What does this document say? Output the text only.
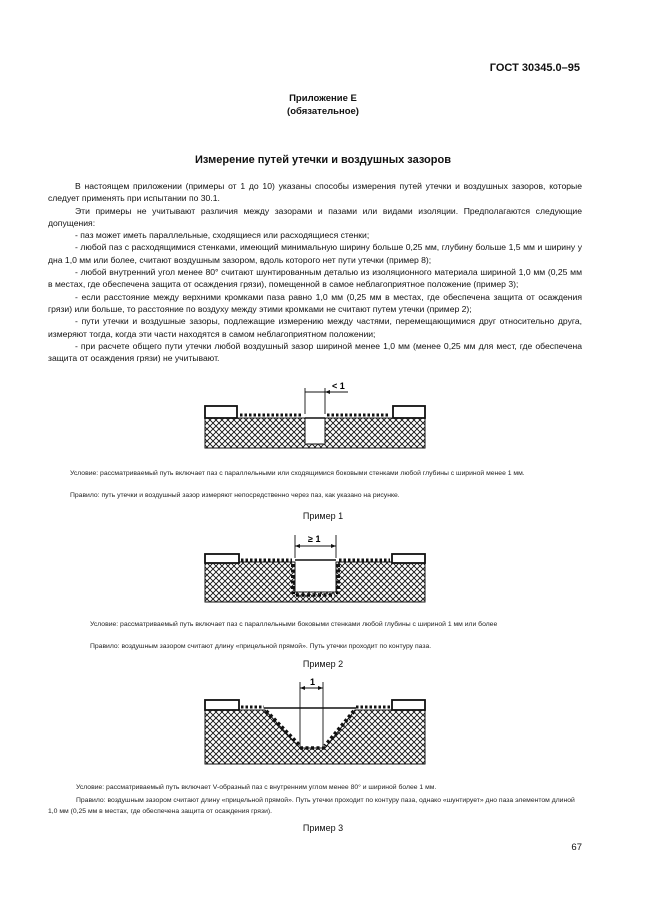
ГОСТ 30345.0–95
Приложение Е
(обязательное)
Измерение путей утечки и воздушных зазоров

В настоящем приложении (примеры от 1 до 10) указаны способы измерения путей утечки и воздушных зазоров, которые следует применять при испытании по 30.1.

Эти примеры не учитывают различия между зазорами и пазами или видами изоляции. Предполагаются следующие допущения:

- паз может иметь параллельные, сходящиеся или расходящиеся стенки;

- любой паз с расходящимися стенками, имеющий минимальную ширину больше 0,25 мм, глубину больше 1,5 мм и ширину у дна 1,0 мм или более, считают воздушным зазором, вдоль которого нет пути утечки (пример 8);

- любой внутренний угол менее 80° считают шунтированным деталью из изоляционного материала шириной 1,0 мм (0,25 мм в местах, где обеспечена защита от осаждения грязи), помещенной в самое неблагоприятное положение (пример 3);

- если расстояние между верхними кромками паза равно 1,0 мм (0,25 мм в местах, где обеспечена защита от осаждения грязи) или больше, то расстояние по воздуху между этими кромками не считают путем утечки (пример 2);

- пути утечки и воздушные зазоры, подлежащие измерению между частями, перемещающимися друг относительно друга, измеряют тогда, когда эти части находятся в самом неблагоприятном положении;

- при расчете общего пути утечки любой воздушный зазор шириной менее 1,0 мм (менее 0,25 мм для мест, где обеспечена защита от осаждения грязи) не учитывают.

< 1
Условие: рассматриваемый путь включает паз с параллельными или сходящимися боковыми стенками любой глубины с шириной менее 1 мм.
Правило: путь утечки и воздушный зазор измеряют непосредственно через паз, как указано на рисунке.
Пример 1
≥ 1
Условие: рассматриваемый путь включает паз с параллельными боковыми стенками любой глубины с шириной 1 мм или более
Правило: воздушным зазором считают длину «прицельной прямой». Путь утечки проходит по контуру паза.
Пример 2
1
Условие: рассматриваемый путь включает V-образный паз с внутренним углом менее 80° и шириной более 1 мм.
Правило: воздушным зазором считают длину «прицельной прямой». Путь утечки проходит по контуру паза, однако «шунтирует» дно паза элементом длиной 1,0 мм (0,25 мм в местах, где обеспечена защита от осаждения грязи).
Пример 3
67
